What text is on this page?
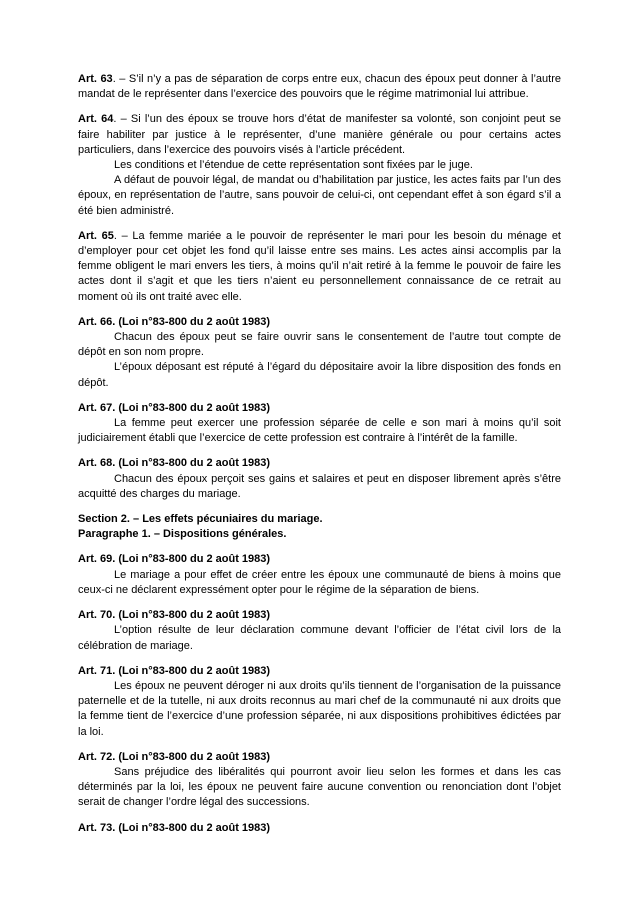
Art. 63. – S’il n’y a pas de séparation de corps entre eux, chacun des époux peut donner à l’autre mandat de le représenter dans l’exercice des pouvoirs que le régime matrimonial lui attribue.

Art. 64. – Si l’un des époux se trouve hors d’état de manifester sa volonté, son conjoint peut se faire habiliter par justice à le représenter, d’une manière générale ou pour certains actes particuliers, dans l’exercice des pouvoirs visés à l’article précédent.

Les conditions et l’étendue de cette représentation sont fixées par le juge.

A défaut de pouvoir légal, de mandat ou d’habilitation par justice, les actes faits par l’un des époux, en représentation de l’autre, sans pouvoir de celui-ci, ont cependant effet à son égard s’il a été bien administré.

Art. 65. – La femme mariée a le pouvoir de représenter le mari pour les besoin du ménage et d’employer pour cet objet les fond qu’il laisse entre ses mains. Les actes ainsi accomplis par la femme obligent le mari envers les tiers, à moins qu’il n’ait retiré à la femme le pouvoir de faire les actes dont il s’agit et que les tiers n’aient eu personnellement connaissance de ce retrait au moment où ils ont traité avec elle.

Art. 66. (Loi n°83-800 du 2 août 1983)

Chacun des époux peut se faire ouvrir sans le consentement de l’autre tout compte de dépôt en son nom propre.

L’époux déposant est réputé à l’égard du dépositaire avoir la libre disposition des fonds en dépôt.

Art. 67. (Loi n°83-800 du 2 août 1983)

La femme peut exercer une profession séparée de celle e son mari à moins qu’il soit judiciairement établi que l’exercice de cette profession est contraire à l’intérêt de la famille.

Art. 68. (Loi n°83-800 du 2 août 1983)

Chacun des époux perçoit ses gains et salaires et peut en disposer librement après s’être acquitté des charges du mariage.

Section 2. – Les effets pécuniaires du mariage.

Paragraphe 1. – Dispositions générales.

Art. 69. (Loi n°83-800 du 2 août 1983)

Le mariage a pour effet de créer entre les époux une communauté de biens à moins que ceux-ci ne déclarent expressément opter pour le régime de la séparation de biens.

Art. 70. (Loi n°83-800 du 2 août 1983)

L’option résulte de leur déclaration commune devant l’officier de l’état civil lors de la célébration de mariage.

Art. 71. (Loi n°83-800 du 2 août 1983)

Les époux ne peuvent déroger ni aux droits qu’ils tiennent de l’organisation de la puissance paternelle et de la tutelle, ni aux droits reconnus au mari chef de la communauté ni aux droits que la femme tient de l’exercice d’une profession séparée, ni aux dispositions prohibitives édictées par la loi.

Art. 72. (Loi n°83-800 du 2 août 1983)

Sans préjudice des libéralités qui pourront avoir lieu selon les formes et dans les cas déterminés par la loi, les époux ne peuvent faire aucune convention ou renonciation dont l’objet serait de changer l’ordre légal des successions.

Art. 73. (Loi n°83-800 du 2 août 1983)
